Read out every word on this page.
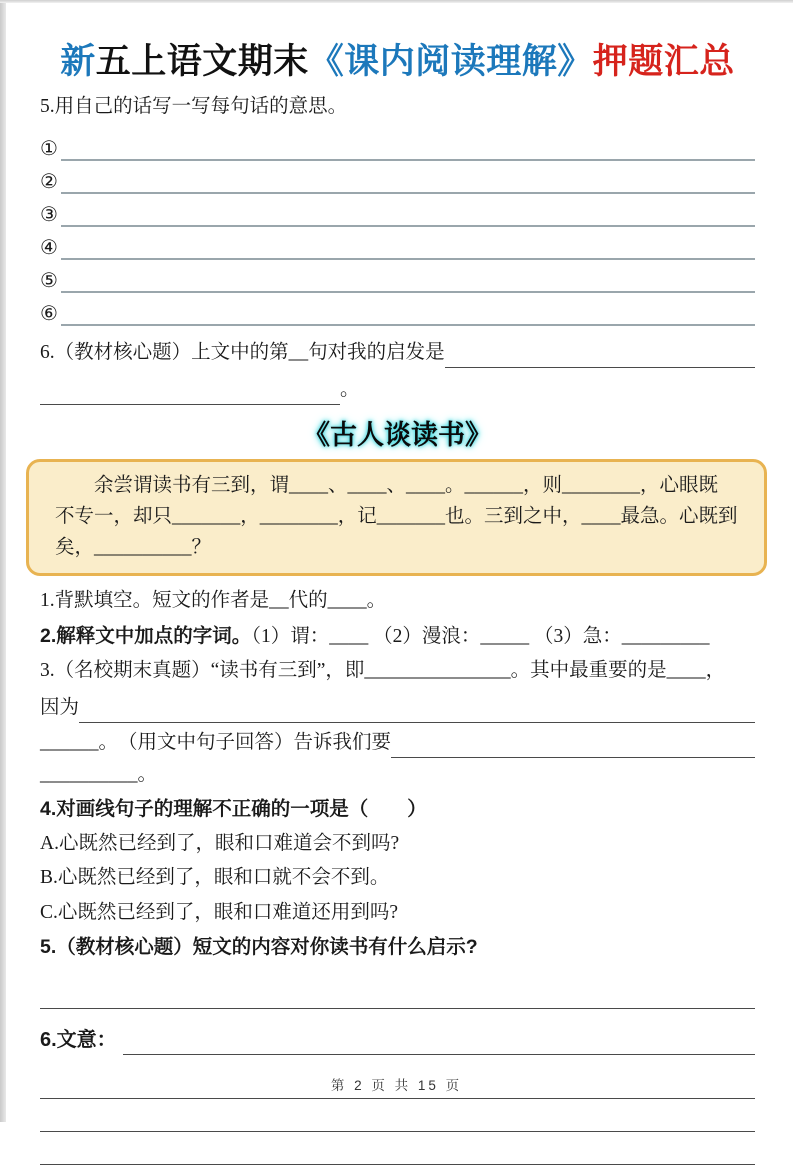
新五上语文期末《课内阅读理解》押题汇总
5.用自己的话写一写每句话的意思。
①
②
③
④
⑤
⑥
6.（教材核心题）上文中的第__句对我的启发是
。
《古人谈读书》
余尝谓读书有三到，谓____、____、____。______，则________，心眼既
不专一，却只_______，________，记_______也。三到之中，____最急。心既到
矣，__________？
1.背默填空。短文的作者是__代的____。
2.解释文中加点的字词。（1）谓：____ （2）漫浪：_____ （3）急：_________
3.（名校期末真题）“读书有三到”，即_______________。其中最重要的是____，
因为
______。 （用文中句子回答）告诉我们要
__________。
4.对画线句子的理解不正确的一项是（　　）
A.心既然已经到了，眼和口难道会不到吗?
B.心既然已经到了，眼和口就不会不到。
C.心既然已经到了，眼和口难道还用到吗?
5.（教材核心题）短文的内容对你读书有什么启示?
6.文意：
第 2 页 共 15 页
